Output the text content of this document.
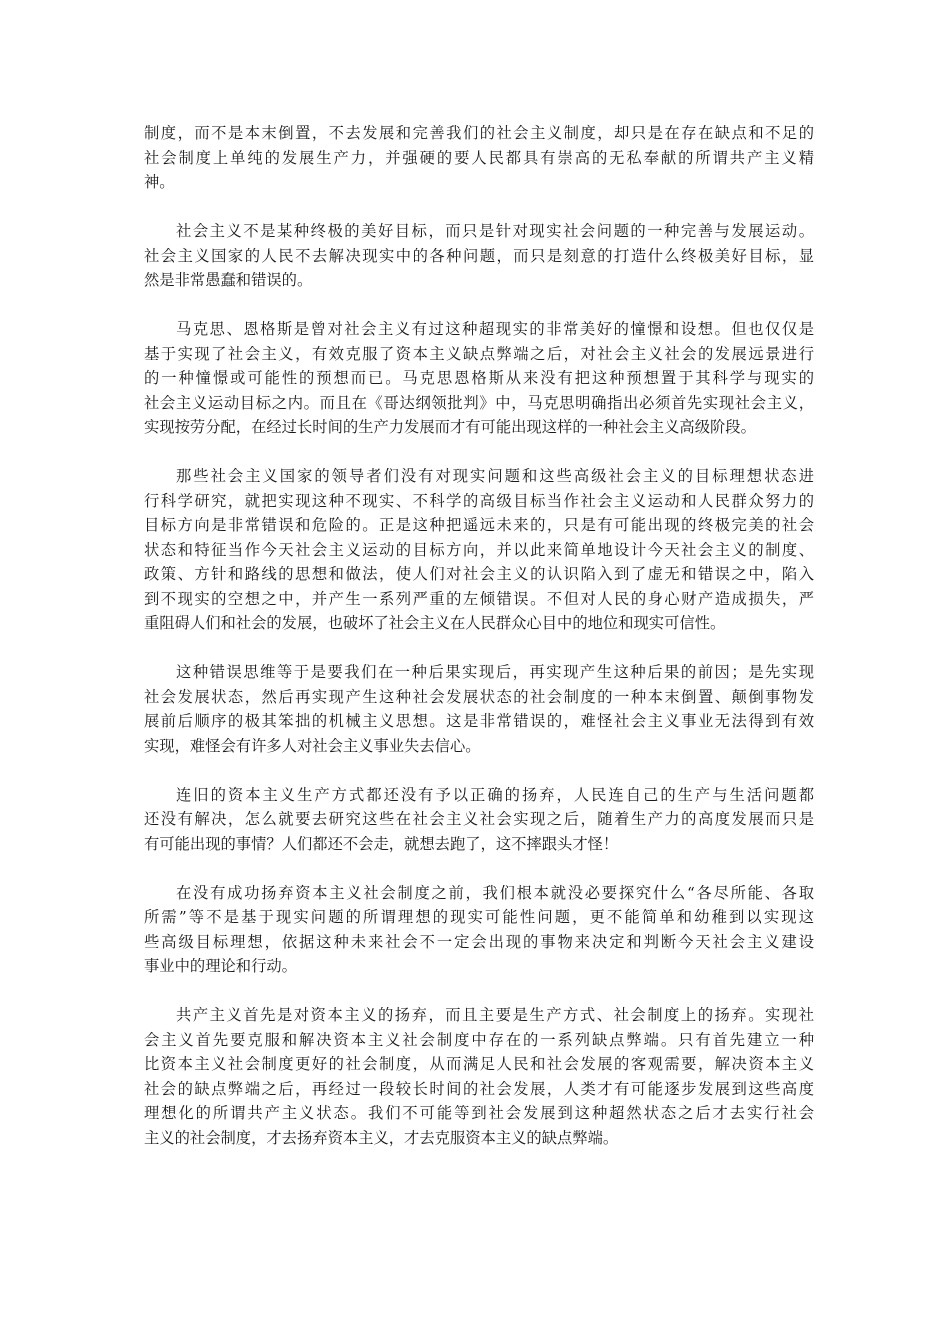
制度，而不是本末倒置，不去发展和完善我们的社会主义制度，却只是在存在缺点和不足的
社会制度上单纯的发展生产力，并强硬的要人民都具有崇高的无私奉献的所谓共产主义精
神。
社会主义不是某种终极的美好目标，而只是针对现实社会问题的一种完善与发展运动。
社会主义国家的人民不去解决现实中的各种问题，而只是刻意的打造什么终极美好目标，显
然是非常愚蠢和错误的。
马克思、恩格斯是曾对社会主义有过这种超现实的非常美好的憧憬和设想。但也仅仅是
基于实现了社会主义，有效克服了资本主义缺点弊端之后，对社会主义社会的发展远景进行
的一种憧憬或可能性的预想而已。马克思恩格斯从来没有把这种预想置于其科学与现实的
社会主义运动目标之内。而且在《哥达纲领批判》中，马克思明确指出必须首先实现社会主义，
实现按劳分配，在经过长时间的生产力发展而才有可能出现这样的一种社会主义高级阶段。
那些社会主义国家的领导者们没有对现实问题和这些高级社会主义的目标理想状态进
行科学研究，就把实现这种不现实、不科学的高级目标当作社会主义运动和人民群众努力的
目标方向是非常错误和危险的。正是这种把遥远未来的，只是有可能出现的终极完美的社会
状态和特征当作今天社会主义运动的目标方向，并以此来简单地设计今天社会主义的制度、
政策、方针和路线的思想和做法，使人们对社会主义的认识陷入到了虚无和错误之中，陷入
到不现实的空想之中，并产生一系列严重的左倾错误。不但对人民的身心财产造成损失，严
重阻碍人们和社会的发展，也破坏了社会主义在人民群众心目中的地位和现实可信性。
这种错误思维等于是要我们在一种后果实现后，再实现产生这种后果的前因；是先实现
社会发展状态，然后再实现产生这种社会发展状态的社会制度的一种本末倒置、颠倒事物发
展前后顺序的极其笨拙的机械主义思想。这是非常错误的，难怪社会主义事业无法得到有效
实现，难怪会有许多人对社会主义事业失去信心。
连旧的资本主义生产方式都还没有予以正确的扬弃，人民连自己的生产与生活问题都
还没有解决，怎么就要去研究这些在社会主义社会实现之后，随着生产力的高度发展而只是
有可能出现的事情？人们都还不会走，就想去跑了，这不摔跟头才怪！
在没有成功扬弃资本主义社会制度之前，我们根本就没必要探究什么“各尽所能、各取
所需”等不是基于现实问题的所谓理想的现实可能性问题，更不能简单和幼稚到以实现这
些高级目标理想，依据这种未来社会不一定会出现的事物来决定和判断今天社会主义建设
事业中的理论和行动。
共产主义首先是对资本主义的扬弃，而且主要是生产方式、社会制度上的扬弃。实现社
会主义首先要克服和解决资本主义社会制度中存在的一系列缺点弊端。只有首先建立一种
比资本主义社会制度更好的社会制度，从而满足人民和社会发展的客观需要，解决资本主义
社会的缺点弊端之后，再经过一段较长时间的社会发展，人类才有可能逐步发展到这些高度
理想化的所谓共产主义状态。我们不可能等到社会发展到这种超然状态之后才去实行社会
主义的社会制度，才去扬弃资本主义，才去克服资本主义的缺点弊端。
